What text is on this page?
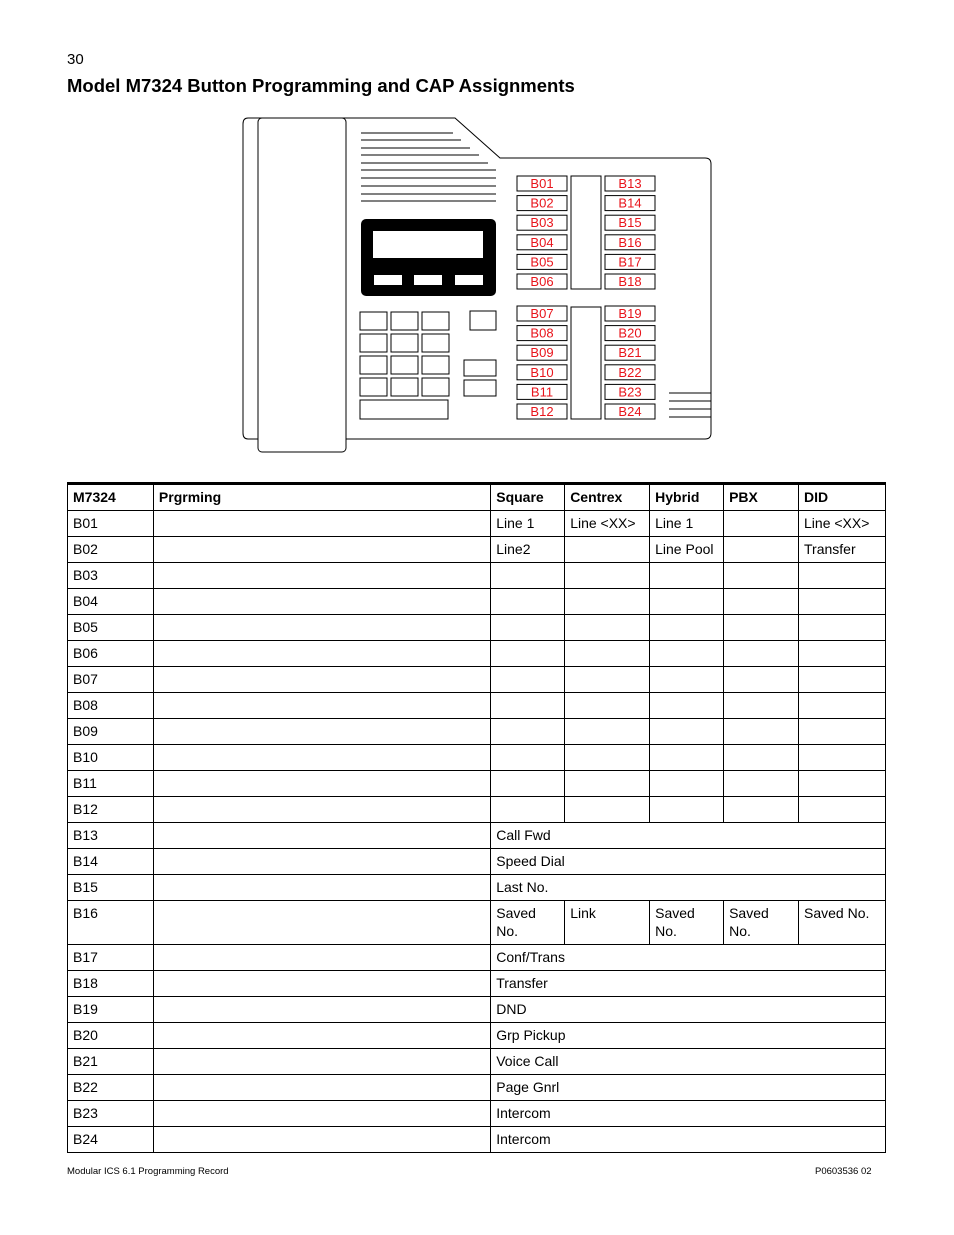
30
Model M7324 Button Programming and CAP Assignments
B01
B02
B03
B04
B05
B06
B07
B08
B09
B10
B11
B12
B13
B14
B15
B16
B17
B18
B19
B20
B21
B22
B23
B24
M7324	Prgrming	Square	Centrex	Hybrid	PBX	DID
B01		Line 1	Line <XX>	Line 1		Line <XX>
B02		Line2		Line Pool		Transfer
B03						
B04						
B05						
B06						
B07						
B08						
B09						
B10						
B11						
B12						
B13		Call Fwd				
B14		Speed Dial				
B15		Last No.				
B16		Saved No.	Link	Saved No.	Saved No.	Saved No.
B17		Conf/Trans				
B18		Transfer				
B19		DND				
B20		Grp Pickup				
B21		Voice Call				
B22		Page Gnrl				
B23		Intercom				
B24		Intercom				
Modular ICS 6.1 Programming Record	P0603536 02
